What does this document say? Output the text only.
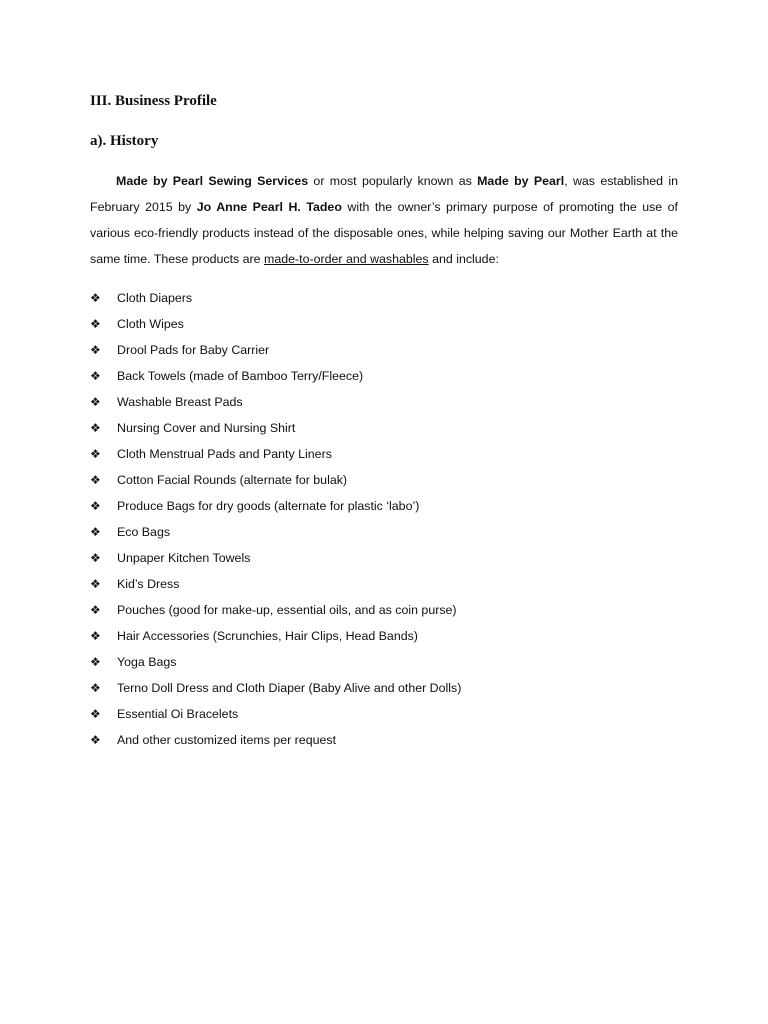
III. Business Profile
a). History

Made by Pearl Sewing Services or most popularly known as Made by Pearl, was established in February 2015 by Jo Anne Pearl H. Tadeo with the owner’s primary purpose of promoting the use of various eco-friendly products instead of the disposable ones, while helping saving our Mother Earth at the same time. These products are made-to-order and washables and include:

❖	Cloth Diapers
❖	Cloth Wipes
❖	Drool Pads for Baby Carrier
❖	Back Towels (made of Bamboo Terry/Fleece)
❖	Washable Breast Pads
❖	Nursing Cover and Nursing Shirt
❖	Cloth Menstrual Pads and Panty Liners
❖	Cotton Facial Rounds (alternate for bulak)
❖	Produce Bags for dry goods (alternate for plastic ‘labo’)
❖	Eco Bags
❖	Unpaper Kitchen Towels
❖	Kid’s Dress
❖	Pouches (good for make-up, essential oils, and as coin purse)
❖	Hair Accessories (Scrunchies, Hair Clips, Head Bands)
❖	Yoga Bags
❖	Terno Doll Dress and Cloth Diaper (Baby Alive and other Dolls)
❖	Essential Oi Bracelets
❖	And other customized items per request
